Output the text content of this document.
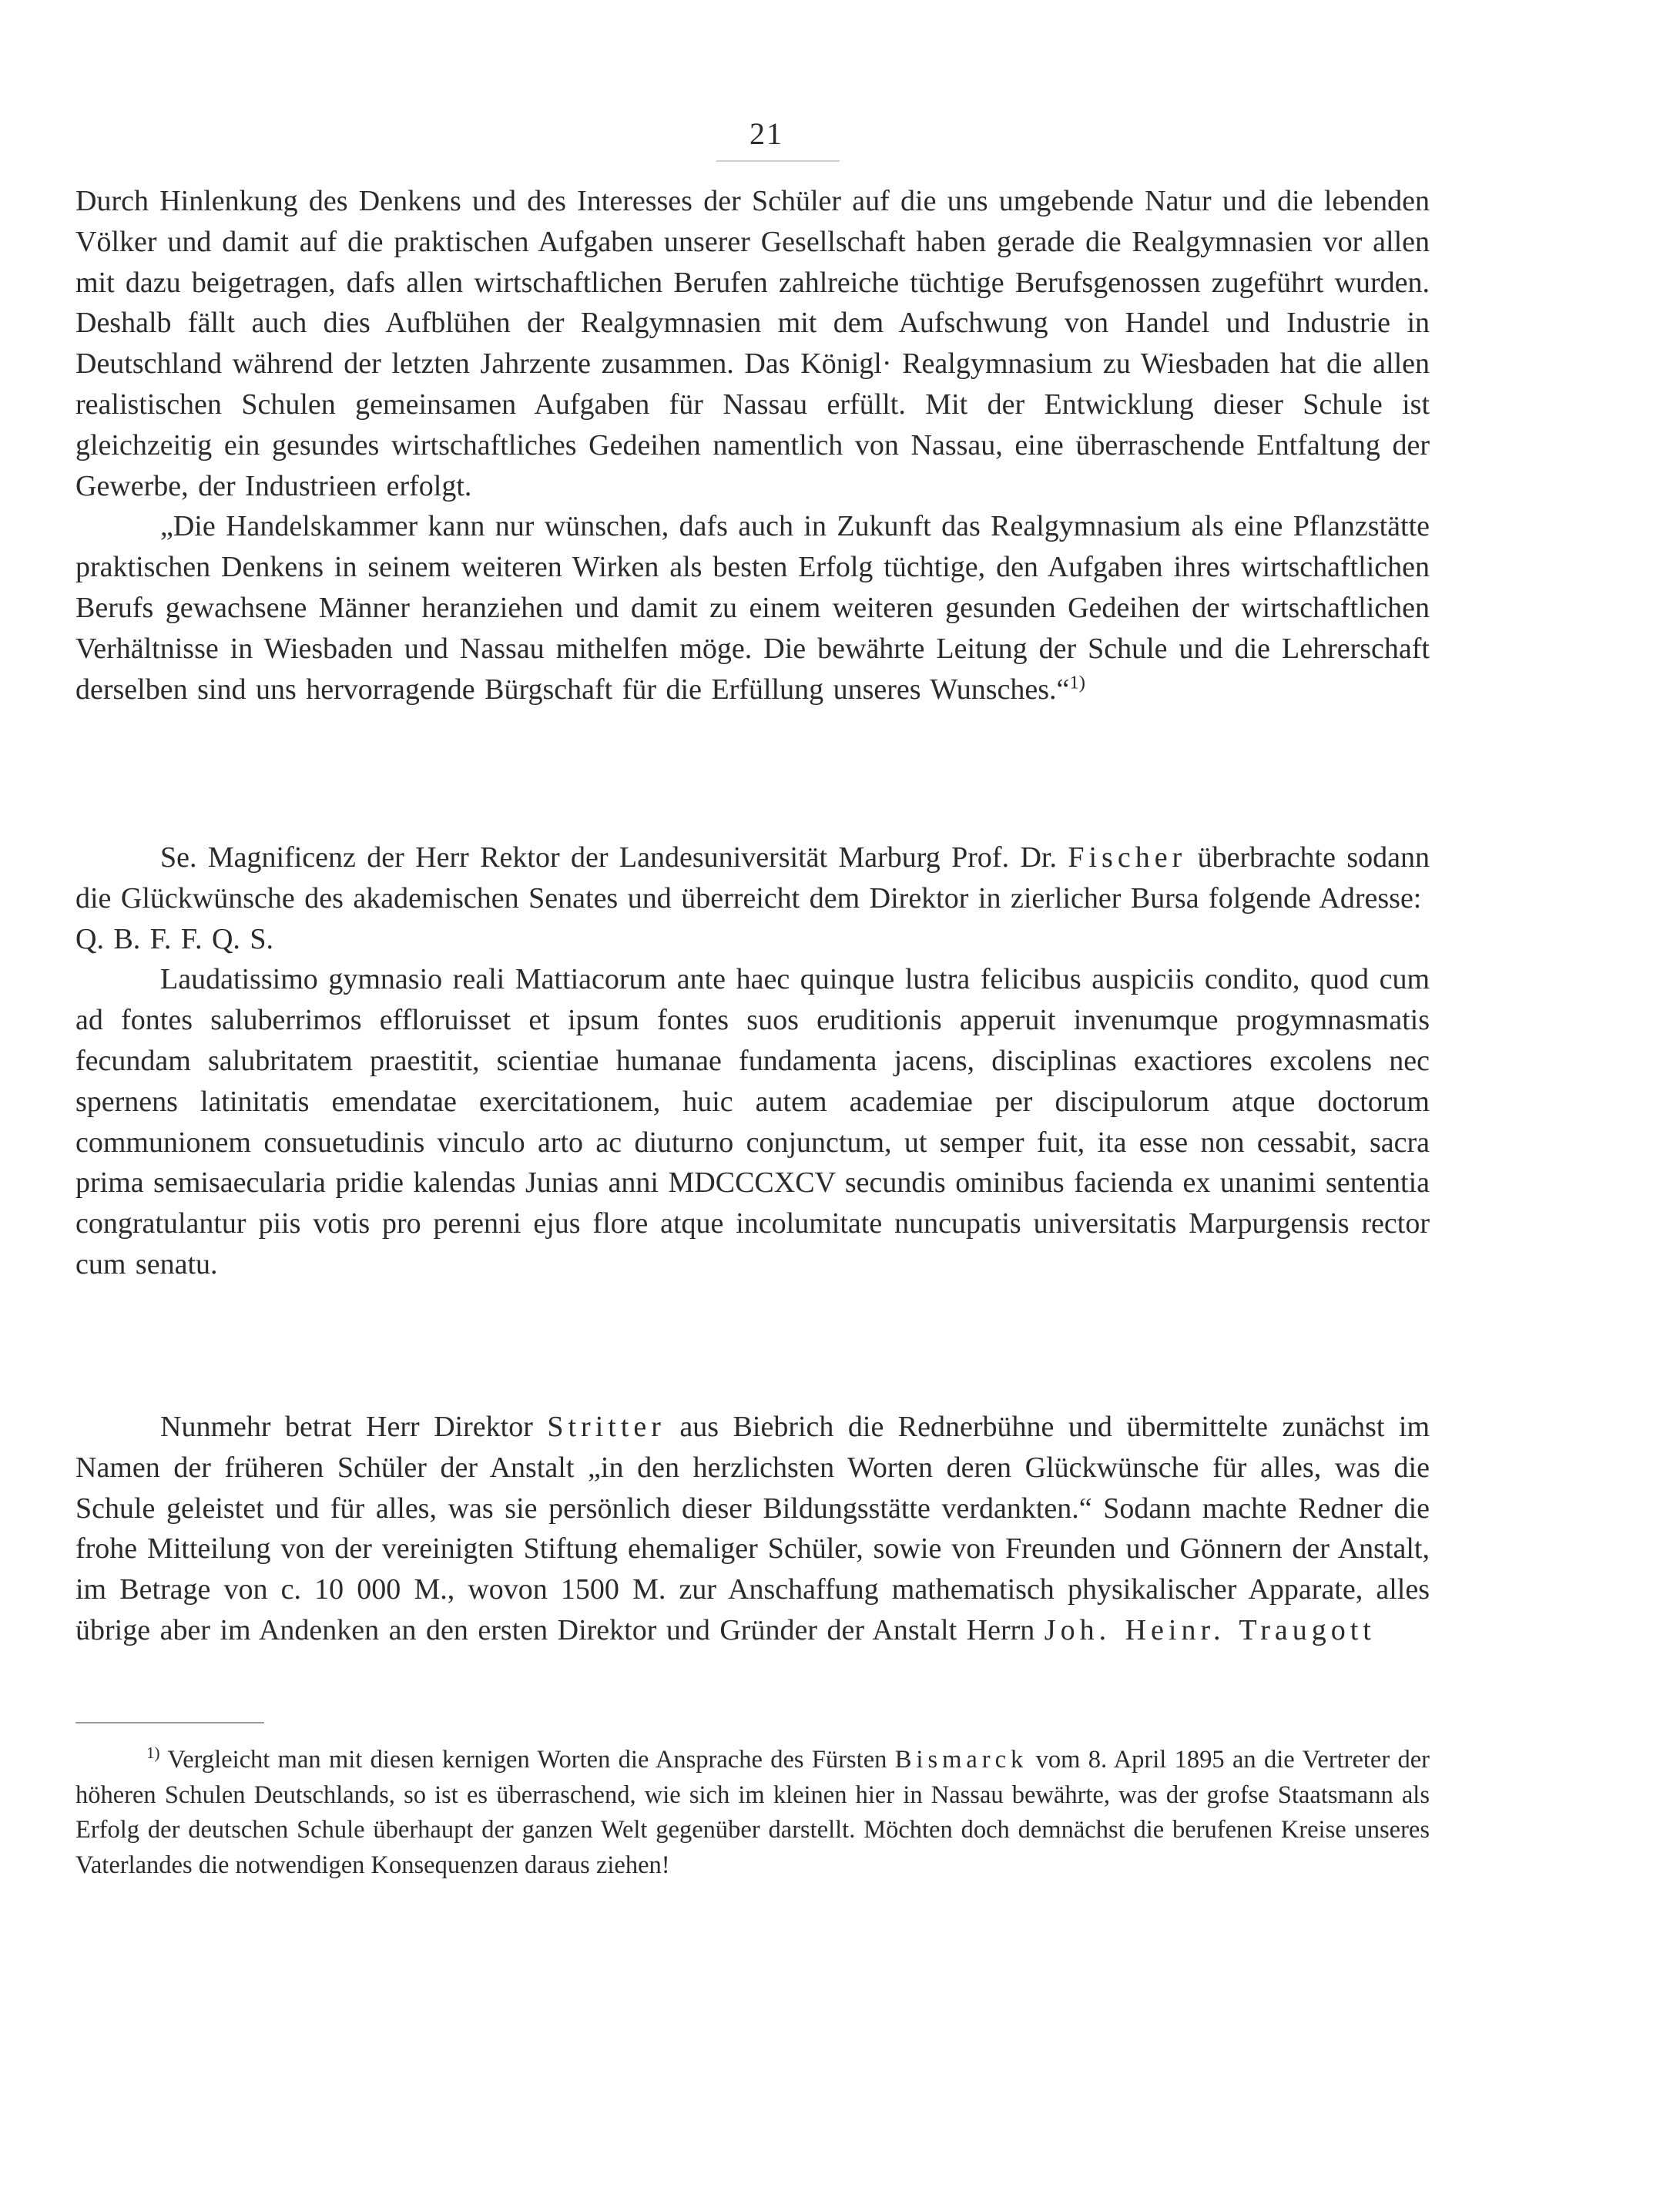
21

Durch Hinlenkung des Denkens und des Interesses der Schüler auf die uns umgebende Natur und die lebenden Völker und damit auf die praktischen Aufgaben unserer Gesellschaft haben gerade die Realgymnasien vor allen mit dazu beigetragen, dafs allen wirtschaftlichen Berufen zahlreiche tüchtige Berufsgenossen zugeführt wurden. Deshalb fällt auch dies Aufblühen der Realgymnasien mit dem Aufschwung von Handel und Industrie in Deutschland während der letzten Jahrzente zusammen. Das Königl· Realgymnasium zu Wiesbaden hat die allen realistischen Schulen gemeinsamen Aufgaben für Nassau erfüllt. Mit der Entwicklung dieser Schule ist gleichzeitig ein gesundes wirtschaftliches Gedeihen namentlich von Nassau, eine überraschende Entfaltung der Gewerbe, der Industrieen erfolgt.

„Die Handelskammer kann nur wünschen, dafs auch in Zukunft das Realgymnasium als eine Pflanzstätte praktischen Denkens in seinem weiteren Wirken als besten Erfolg tüchtige, den Aufgaben ihres wirtschaftlichen Berufs gewachsene Männer heranziehen und damit zu einem weiteren gesunden Gedeihen der wirtschaftlichen Verhältnisse in Wiesbaden und Nassau mithelfen möge. Die bewährte Leitung der Schule und die Lehrerschaft derselben sind uns hervorragende Bürgschaft für die Erfüllung unseres Wunsches.“$^{1)}$

Se. Magnificenz der Herr Rektor der Landesuniversität Marburg Prof. Dr. Fischer überbrachte sodann die Glückwünsche des akademischen Senates und überreicht dem Direktor in zierlicher Bursa folgende Adresse:

Q. B. F. F. Q. S.

Laudatissimo gymnasio reali Mattiacorum ante haec quinque lustra felicibus auspiciis condito, quod cum ad fontes saluberrimos effloruisset et ipsum fontes suos eruditionis apperuit invenumque progymnasmatis fecundam salubritatem praestitit, scientiae humanae fundamenta jacens, disciplinas exactiores excolens nec spernens latinitatis emendatae exercitationem, huic autem academiae per discipulorum atque doctorum communionem consuetudinis vinculo arto ac diuturno conjunctum, ut semper fuit, ita esse non cessabit, sacra prima semisaecularia pridie kalendas Junias anni MDCCCXCV secundis ominibus facienda ex unanimi sententia congratulantur piis votis pro perenni ejus flore atque incolumitate nuncupatis universitatis Marpurgensis rector cum senatu.

Nunmehr betrat Herr Direktor Stritter aus Biebrich die Rednerbühne und übermittelte zunächst im Namen der früheren Schüler der Anstalt „in den herzlichsten Worten deren Glückwünsche für alles, was die Schule geleistet und für alles, was sie persönlich dieser Bildungsstätte verdankten.“ Sodann machte Redner die frohe Mitteilung von der vereinigten Stiftung ehemaliger Schüler, sowie von Freunden und Gönnern der Anstalt, im Betrage von c. 10 000 M., wovon 1500 M. zur Anschaffung mathematisch physikalischer Apparate, alles übrige aber im Andenken an den ersten Direktor und Gründer der Anstalt Herrn Joh. Heinr. Traugott

$^{1)}$ Vergleicht man mit diesen kernigen Worten die Ansprache des Fürsten Bismarck vom 8. April 1895 an die Vertreter der höheren Schulen Deutschlands, so ist es überraschend, wie sich im kleinen hier in Nassau bewährte, was der grofse Staatsmann als Erfolg der deutschen Schule überhaupt der ganzen Welt gegenüber darstellt. Möchten doch demnächst die berufenen Kreise unseres Vaterlandes die notwendigen Konsequenzen daraus ziehen!
